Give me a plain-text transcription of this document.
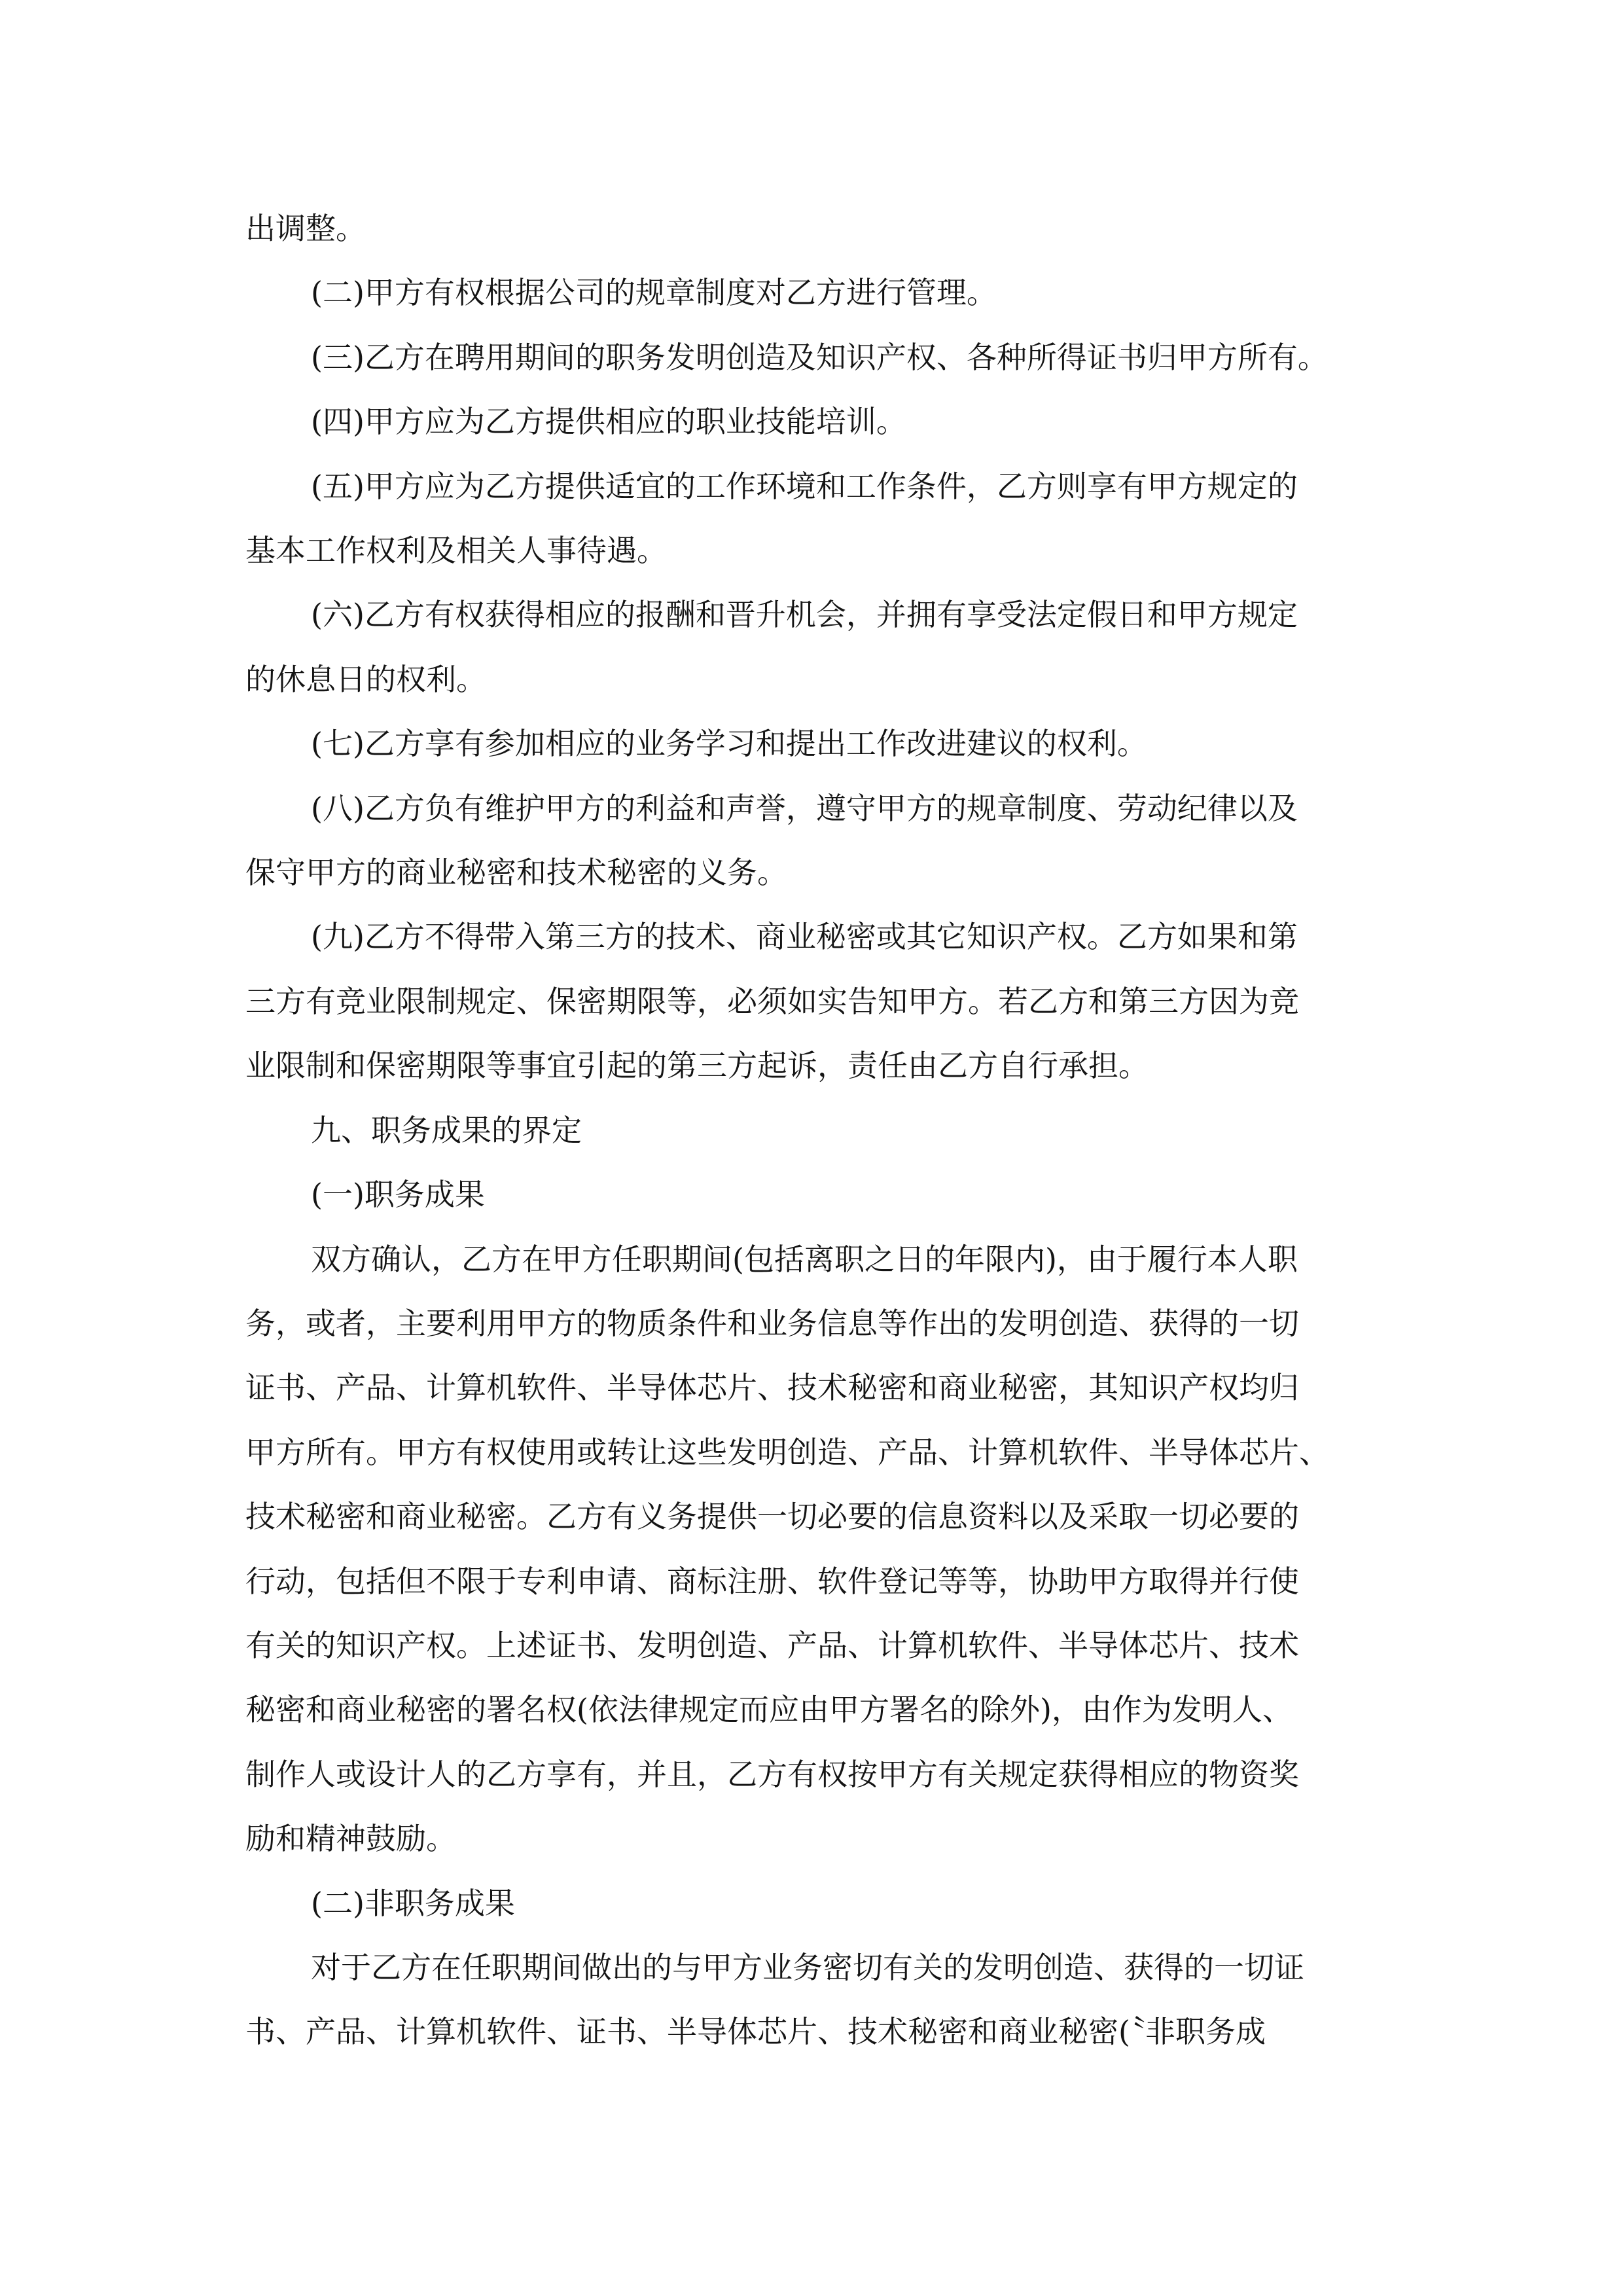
出调整。

(二)甲方有权根据公司的规章制度对乙方进行管理。

(三)乙方在聘用期间的职务发明创造及知识产权、各种所得证书归甲方所有。

(四)甲方应为乙方提供相应的职业技能培训。

(五)甲方应为乙方提供适宜的工作环境和工作条件，乙方则享有甲方规定的

基本工作权利及相关人事待遇。

(六)乙方有权获得相应的报酬和晋升机会，并拥有享受法定假日和甲方规定

的休息日的权利。

(七)乙方享有参加相应的业务学习和提出工作改进建议的权利。

(八)乙方负有维护甲方的利益和声誉，遵守甲方的规章制度、劳动纪律以及

保守甲方的商业秘密和技术秘密的义务。

(九)乙方不得带入第三方的技术、商业秘密或其它知识产权。乙方如果和第

三方有竞业限制规定、保密期限等，必须如实告知甲方。若乙方和第三方因为竞

业限制和保密期限等事宜引起的第三方起诉，责任由乙方自行承担。

九、职务成果的界定

(一)职务成果

双方确认，乙方在甲方任职期间(包括离职之日的年限内)，由于履行本人职

务，或者，主要利用甲方的物质条件和业务信息等作出的发明创造、获得的一切

证书、产品、计算机软件、半导体芯片、技术秘密和商业秘密，其知识产权均归

甲方所有。甲方有权使用或转让这些发明创造、产品、计算机软件、半导体芯片、

技术秘密和商业秘密。乙方有义务提供一切必要的信息资料以及采取一切必要的

行动，包括但不限于专利申请、商标注册、软件登记等等，协助甲方取得并行使

有关的知识产权。上述证书、发明创造、产品、计算机软件、半导体芯片、技术

秘密和商业秘密的署名权(依法律规定而应由甲方署名的除外)，由作为发明人、

制作人或设计人的乙方享有，并且，乙方有权按甲方有关规定获得相应的物资奖

励和精神鼓励。

(二)非职务成果

对于乙方在任职期间做出的与甲方业务密切有关的发明创造、获得的一切证

书、产品、计算机软件、证书、半导体芯片、技术秘密和商业秘密(〝非职务成
